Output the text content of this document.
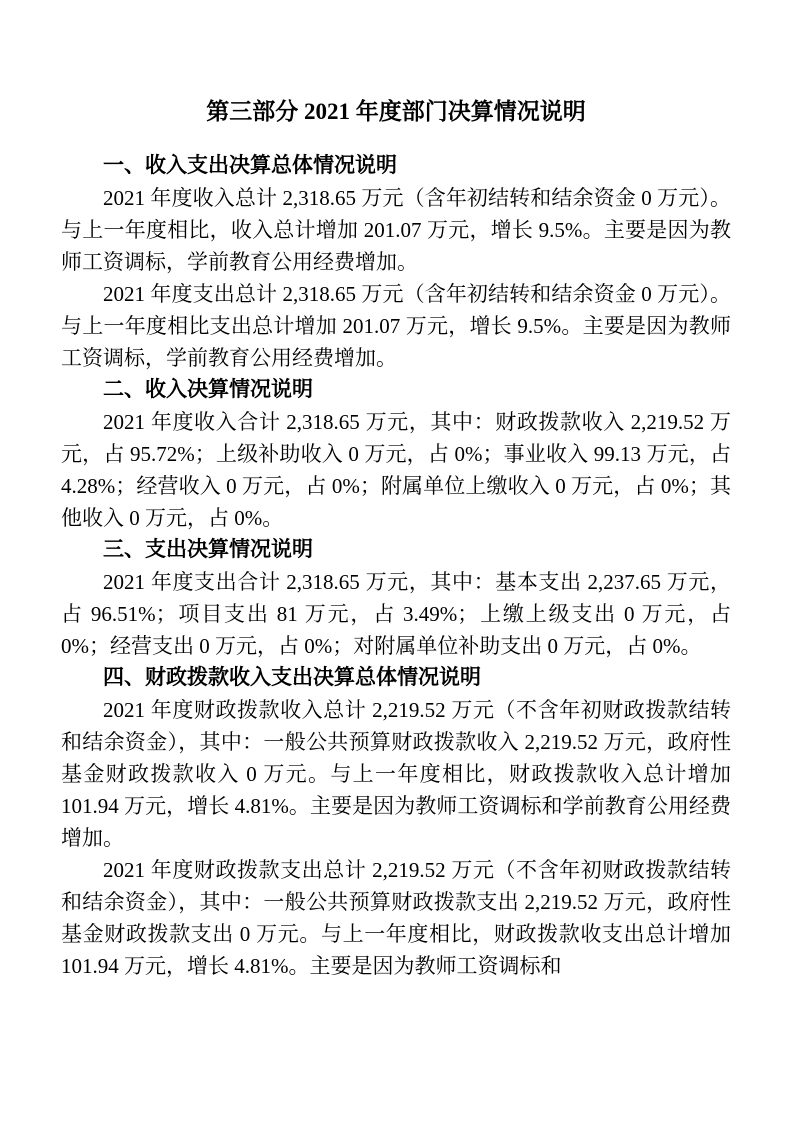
第三部分 2021 年度部门决算情况说明
一、收入支出决算总体情况说明

2021 年度收入总计 2,318.65 万元（含年初结转和结余资金 0 万元）。与上一年度相比，收入总计增加 201.07 万元，增长 9.5%。主要是因为教师工资调标，学前教育公用经费增加。

2021 年度支出总计 2,318.65 万元（含年初结转和结余资金 0 万元）。与上一年度相比支出总计增加 201.07 万元，增长 9.5%。主要是因为教师工资调标，学前教育公用经费增加。

二、收入决算情况说明

2021 年度收入合计 2,318.65 万元，其中：财政拨款收入 2,219.52 万元，占 95.72%；上级补助收入 0 万元，占 0%；事业收入 99.13 万元，占 4.28%；经营收入 0 万元，占 0%；附属单位上缴收入 0 万元，占 0%；其他收入 0 万元，占 0%。

三、支出决算情况说明

2021 年度支出合计 2,318.65 万元，其中：基本支出 2,237.65 万元，占 96.51%；项目支出 81 万元，占 3.49%；上缴上级支出 0 万元，占 0%；经营支出 0 万元，占 0%；对附属单位补助支出 0 万元，占 0%。

四、财政拨款收入支出决算总体情况说明

2021 年度财政拨款收入总计 2,219.52 万元（不含年初财政拨款结转和结余资金），其中：一般公共预算财政拨款收入 2,219.52 万元，政府性基金财政拨款收入 0 万元。与上一年度相比，财政拨款收入总计增加 101.94 万元，增长 4.81%。主要是因为教师工资调标和学前教育公用经费增加。

2021 年度财政拨款支出总计 2,219.52 万元（不含年初财政拨款结转和结余资金），其中：一般公共预算财政拨款支出 2,219.52 万元，政府性基金财政拨款支出 0 万元。与上一年度相比，财政拨款收支出总计增加 101.94 万元，增长 4.81%。主要是因为教师工资调标和
